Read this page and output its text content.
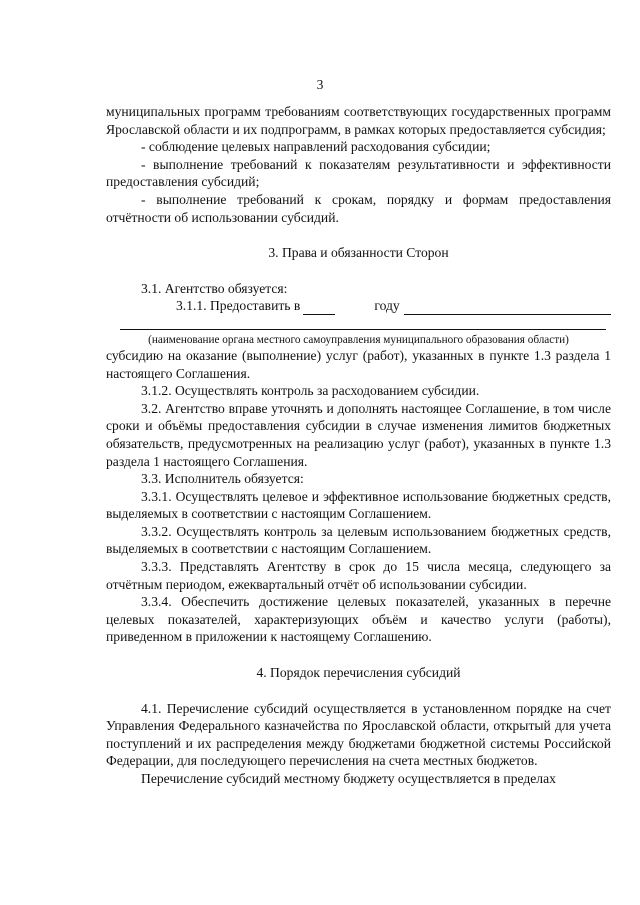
3

муниципальных программ требованиям соответствующих государственных программ Ярославской области и их подпрограмм, в рамках которых предоставляется субсидия;

- соблюдение целевых направлений расходования субсидии;

- выполнение требований к показателям результативности и эффективности предоставления субсидий;

- выполнение требований к срокам, порядку и формам предоставления отчётности об использовании субсидий.

3. Права и обязанности Сторон

3.1. Агентство обязуется:

3.1.1. Предоставить в	году

(наименование органа местного самоуправления муниципального образования области)

субсидию на оказание (выполнение) услуг (работ), указанных в пункте 1.3 раздела 1 настоящего Соглашения.

3.1.2. Осуществлять контроль за расходованием субсидии.

3.2. Агентство вправе уточнять и дополнять настоящее Соглашение, в том числе сроки и объёмы предоставления субсидии в случае изменения лимитов бюджетных обязательств, предусмотренных на реализацию услуг (работ), указанных в пункте 1.3 раздела 1 настоящего Соглашения.

3.3. Исполнитель обязуется:

3.3.1. Осуществлять целевое и эффективное использование бюджетных средств, выделяемых в соответствии с настоящим Соглашением.

3.3.2. Осуществлять контроль за целевым использованием бюджетных средств, выделяемых в соответствии с настоящим Соглашением.

3.3.3. Представлять Агентству в срок до 15 числа месяца, следующего за отчётным периодом, ежеквартальный отчёт об использовании субсидии.

3.3.4. Обеспечить достижение целевых показателей, указанных в перечне целевых показателей, характеризующих объём и качество услуги (работы), приведенном в приложении к настоящему Соглашению.

4. Порядок перечисления субсидий

4.1. Перечисление субсидий осуществляется в установленном порядке на счет Управления Федерального казначейства по Ярославской области, открытый для учета поступлений и их распределения между бюджетами бюджетной системы Российской Федерации, для последующего перечисления на счета местных бюджетов.

Перечисление субсидий местному бюджету осуществляется в пределах
